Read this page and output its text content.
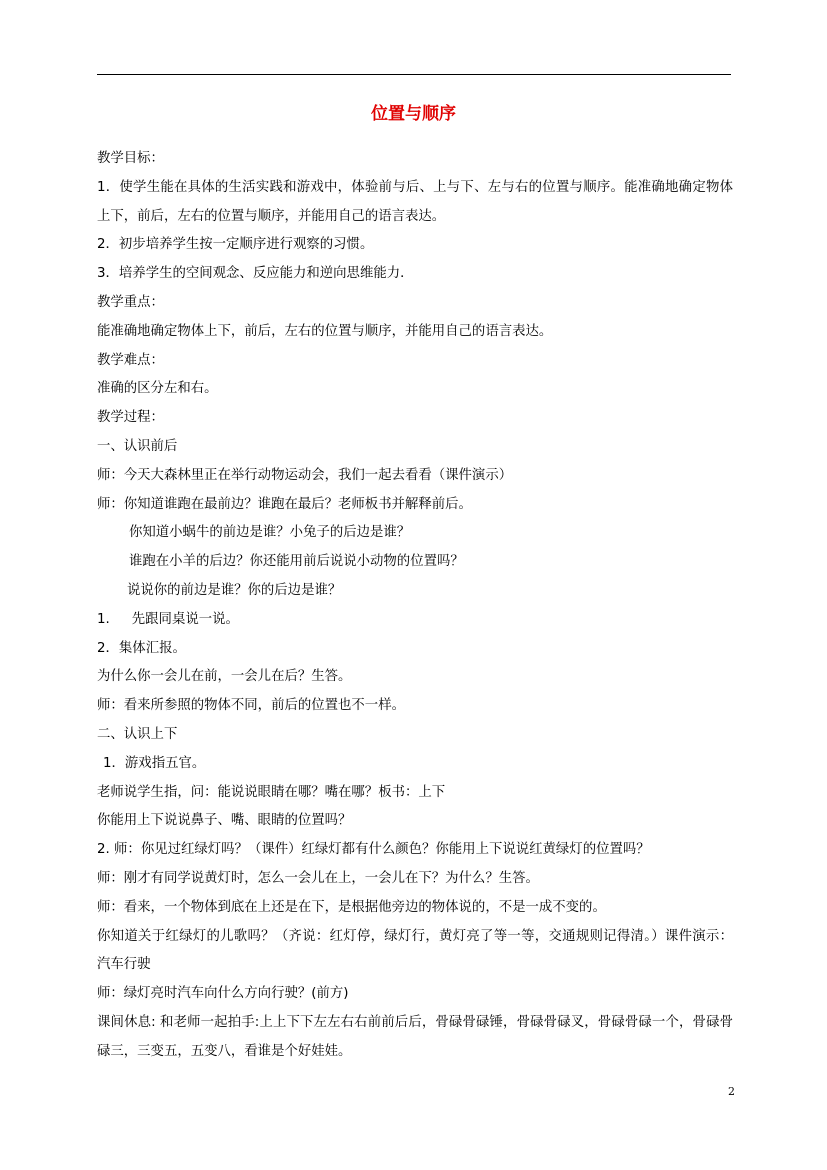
位置与顺序
教学目标：
1．使学生能在具体的生活实践和游戏中，体验前与后、上与下、左与右的位置与顺序。能准确地确定物体上下，前后，左右的位置与顺序，并能用自己的语言表达。
2．初步培养学生按一定顺序进行观察的习惯。
3．培养学生的空间观念、反应能力和逆向思维能力．
教学重点：
能准确地确定物体上下，前后，左右的位置与顺序，并能用自己的语言表达。
教学难点：
准确的区分左和右。
教学过程：
一、认识前后
师：今天大森林里正在举行动物运动会，我们一起去看看（课件演示）
师：你知道谁跑在最前边？谁跑在最后？老师板书并解释前后。
你知道小蜗牛的前边是谁？小兔子的后边是谁？
谁跑在小羊的后边？你还能用前后说说小动物的位置吗？
说说你的前边是谁？你的后边是谁？
1. 先跟同桌说一说。
2．集体汇报。
为什么你一会儿在前，一会儿在后？生答。
师：看来所参照的物体不同，前后的位置也不一样。
二、认识上下
1．游戏指五官。
老师说学生指，问：能说说眼睛在哪？嘴在哪？板书：上下
你能用上下说说鼻子、嘴、眼睛的位置吗？
2. 师：你见过红绿灯吗？（课件）红绿灯都有什么颜色？你能用上下说说红黄绿灯的位置吗？
师：刚才有同学说黄灯时，怎么一会儿在上，一会儿在下？为什么？生答。
师：看来，一个物体到底在上还是在下，是根据他旁边的物体说的，不是一成不变的。
你知道关于红绿灯的儿歌吗？（齐说：红灯停，绿灯行，黄灯亮了等一等，交通规则记得清。）课件演示：汽车行驶
师：绿灯亮时汽车向什么方向行驶？(前方)
课间休息: 和老师一起拍手:上上下下左左右右前前后后，骨碌骨碌锤，骨碌骨碌叉，骨碌骨碌一个，骨碌骨碌三，三变五，五变八，看谁是个好娃娃。
2
